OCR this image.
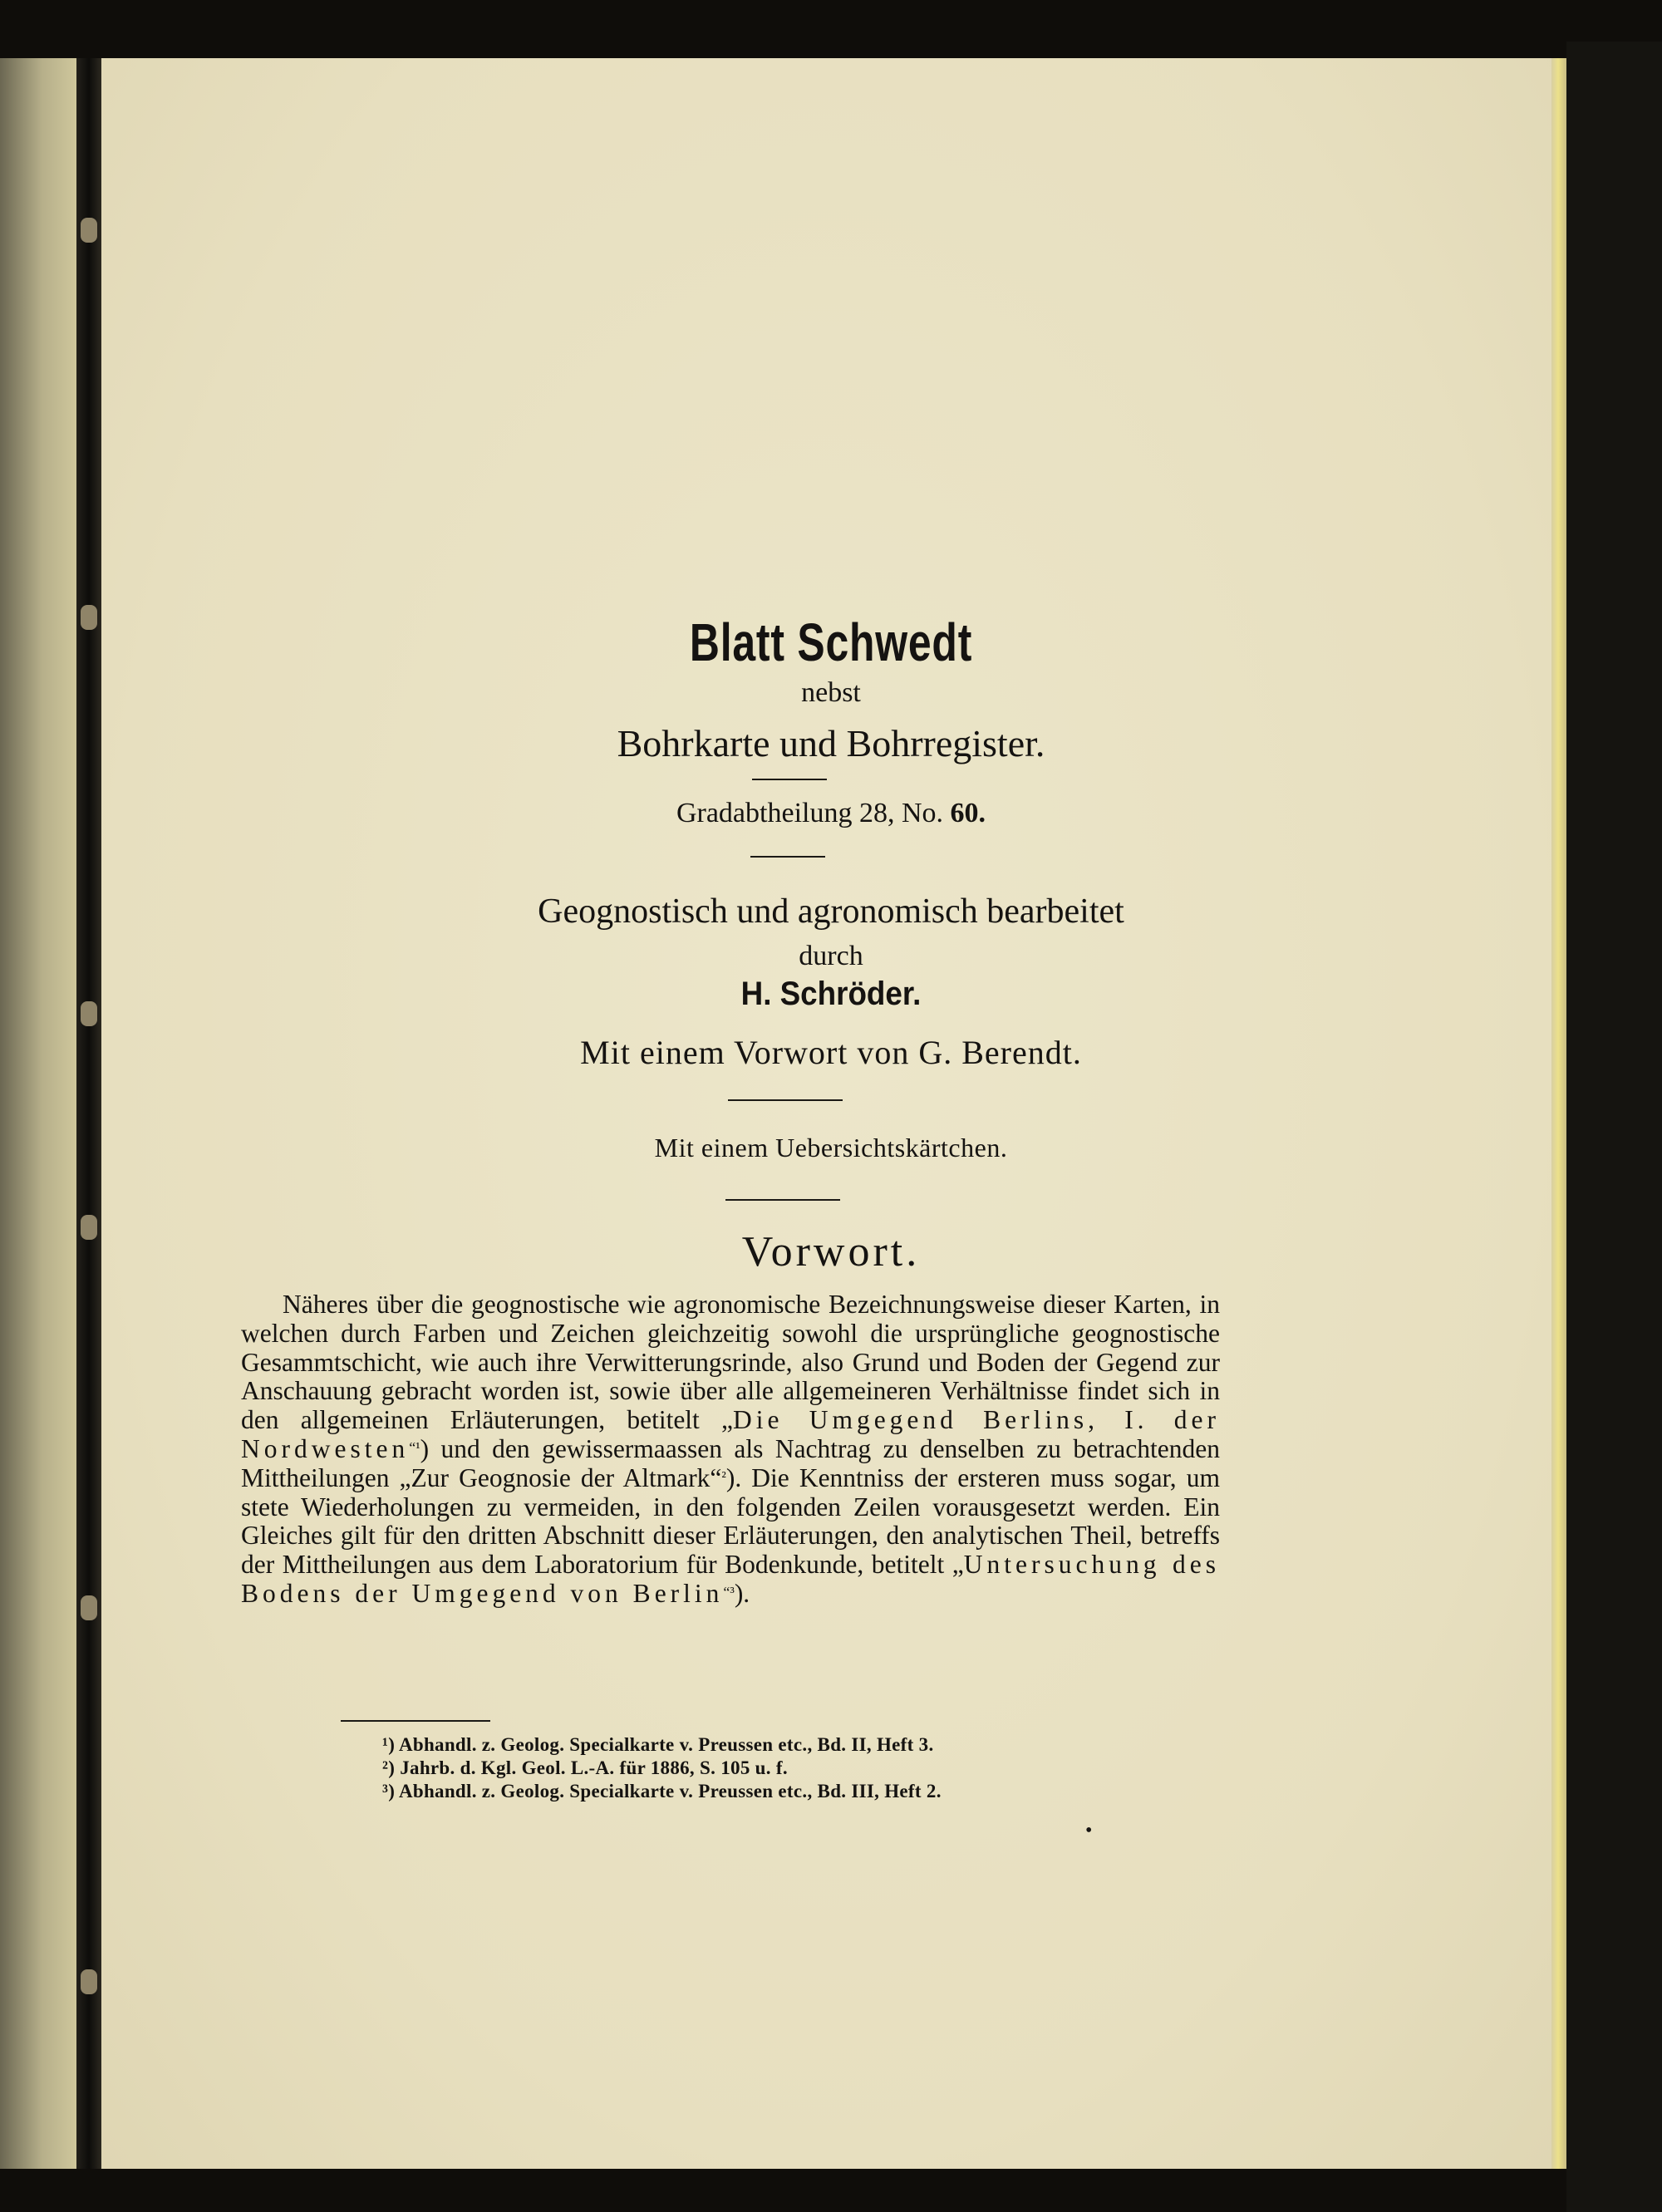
Blatt Schwedt
nebst
Bohrkarte und Bohrregister.
Gradabtheilung 28, No. 60.
Geognostisch und agronomisch bearbeitet
durch
H. Schröder.
Mit einem Vorwort von G. Berendt.
Mit einem Uebersichtskärtchen.
Vorwort.
Näheres über die geognostische wie agronomische Bezeichnungsweise dieser Karten, in welchen durch Farben und Zeichen gleichzeitig sowohl die ursprüngliche geognostische Gesammtschicht, wie auch ihre Verwitterungsrinde, also Grund und Boden der Gegend zur Anschauung gebracht worden ist, sowie über alle allgemeineren Verhältnisse findet sich in den allgemeinen Erläuterungen, betitelt „Die Umgegend Berlins, I. der Nordwesten$^{“^1}$) und den gewissermaassen als Nachtrag zu denselben zu betrachtenden Mittheilungen „Zur Geognosie der Altmark“$^{^2}$). Die Kenntniss der ersteren muss sogar, um stete Wiederholungen zu vermeiden, in den folgenden Zeilen vorausgesetzt werden. Ein Gleiches gilt für den dritten Abschnitt dieser Erläuterungen, den analytischen Theil, betreffs der Mittheilungen aus dem Laboratorium für Bodenkunde, betitelt „Untersuchung des Bodens der Umgegend von Berlin$^{“^3}$).
¹) Abhandl. z. Geolog. Specialkarte v. Preussen etc., Bd. II, Heft 3.
²) Jahrb. d. Kgl. Geol. L.-A. für 1886, S. 105 u. f.
³) Abhandl. z. Geolog. Specialkarte v. Preussen etc., Bd. III, Heft 2.
•
